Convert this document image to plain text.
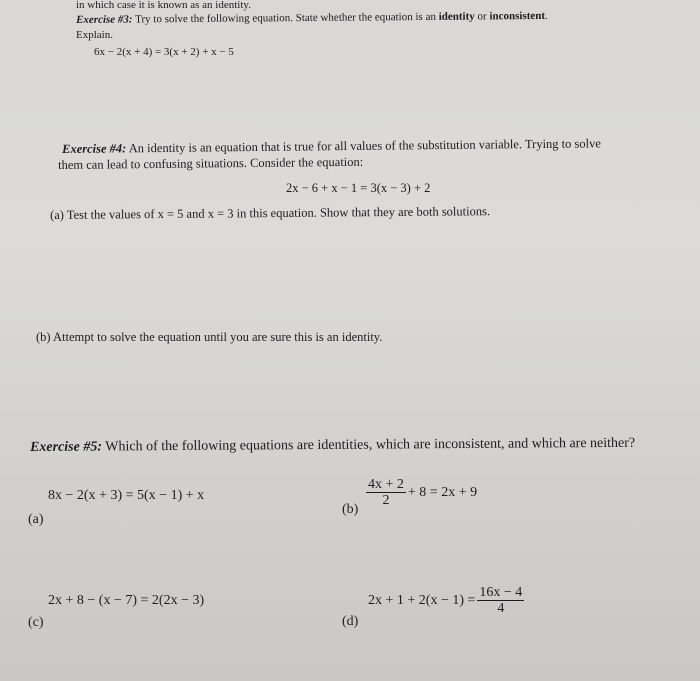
in which case it is known as an identity.
Exercise #3: Try to solve the following equation. State whether the equation is an identity or inconsistent.
Explain.
6x − 2(x + 4) = 3(x + 2) + x − 5
Exercise #4: An identity is an equation that is true for all values of the substitution variable. Trying to solve
them can lead to confusing situations. Consider the equation:
2x − 6 + x − 1 = 3(x − 3) + 2
(a) Test the values of x = 5 and x = 3 in this equation. Show that they are both solutions.
(b) Attempt to solve the equation until you are sure this is an identity.
Exercise #5: Which of the following equations are identities, which are inconsistent, and which are neither?
8x − 2(x + 3) = 5(x − 1) + x
(a)
(b)
$\frac{4x + 2}{2} + 8 = 2x + 9$
2x + 8 − (x − 7) = 2(2x − 3)
(c)	(d)
$2x + 1 + 2(x - 1) = \frac{16x - 4}{4}$
